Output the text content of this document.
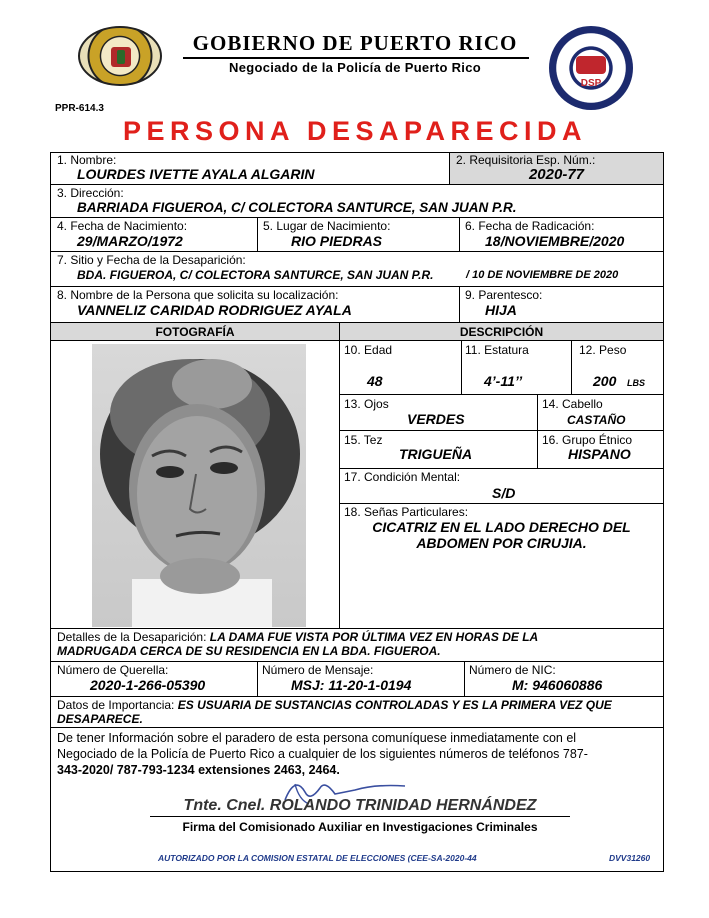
DSP
GOBIERNO DE PUERTO RICO
Negociado de la Policía de Puerto Rico
PPR-614.3
PERSONA DESAPARECIDA
1. Nombre:
LOURDES IVETTE AYALA ALGARIN
2. Requisitoria Esp. Núm.:
2020-77
3. Dirección:
BARRIADA FIGUEROA, C/ COLECTORA SANTURCE, SAN JUAN P.R.
4. Fecha de Nacimiento:
29/MARZO/1972
5. Lugar de Nacimiento:
RIO PIEDRAS
6. Fecha de Radicación:
18/NOVIEMBRE/2020
7. Sitio y Fecha de la Desaparición:
BDA. FIGUEROA, C/ COLECTORA SANTURCE, SAN JUAN P.R.	/ 10 DE NOVIEMBRE DE 2020
8. Nombre de la Persona que solicita su localización:
VANNELIZ CARIDAD RODRIGUEZ AYALA
9. Parentesco:
HIJA
FOTOGRAFÍA	DESCRIPCIÓN
10. Edad
48
11. Estatura
4’-11’’
12. Peso
200 LBS
13. Ojos
VERDES
14. Cabello
CASTAÑO
15. Tez
TRIGUEÑA
16. Grupo Étnico
HISPANO
17. Condición Mental:
S/D
18. Señas Particulares:
CICATRIZ EN EL LADO DERECHO DEL
ABDOMEN POR CIRUJIA.
Detalles de la Desaparición: LA DAMA FUE VISTA POR ÚLTIMA VEZ EN HORAS DE LA
MADRUGADA CERCA DE SU RESIDENCIA EN LA BDA. FIGUEROA.
Número de Querella:
2020-1-266-05390
Número de Mensaje:
MSJ: 11-20-1-0194
Número de NIC:
M: 946060886
Datos de Importancia: ES USUARIA DE SUSTANCIAS CONTROLADAS Y ES LA PRIMERA VEZ QUE
DESAPARECE.
De tener Información sobre el paradero de esta persona comuníquese inmediatamente con el
Negociado de la Policía de Puerto Rico a cualquier de los siguientes números de teléfonos 787-
343-2020/ 787-793-1234 extensiones 2463, 2464.
Tnte. Cnel. ROLANDO TRINIDAD HERNÁNDEZ
Firma del Comisionado Auxiliar en Investigaciones Criminales
AUTORIZADO POR LA COMISION ESTATAL DE ELECCIONES (CEE-SA-2020-44	DVV31260
